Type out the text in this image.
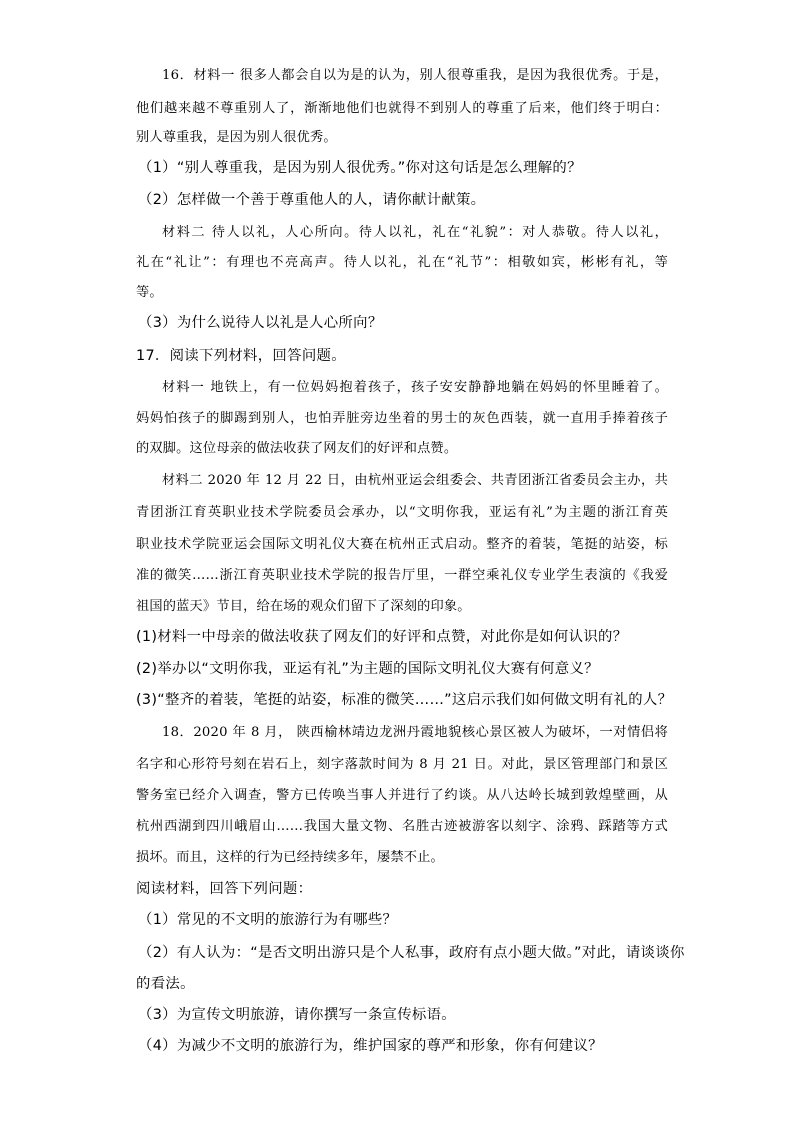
16．材料一 很多人都会自以为是的认为，别人很尊重我，是因为我很优秀。于是，
他们越来越不尊重别人了，渐渐地他们也就得不到别人的尊重了后来，他们终于明白：
别人尊重我，是因为别人很优秀。
（1）“别人尊重我，是因为别人很优秀。”你对这句话是怎么理解的？
（2）怎样做一个善于尊重他人的人，请你献计献策。
材料二 待人以礼，人心所向。待人以礼，礼在“礼貌”：对人恭敬。待人以礼，
礼在“礼让”：有理也不亮高声。待人以礼，礼在“礼节”：相敬如宾，彬彬有礼，等
等。
（3）为什么说待人以礼是人心所向？
17．阅读下列材料，回答问题。
材料一 地铁上，有一位妈妈抱着孩子，孩子安安静静地躺在妈妈的怀里睡着了。
妈妈怕孩子的脚踢到别人，也怕弄脏旁边坐着的男士的灰色西装，就一直用手捧着孩子
的双脚。这位母亲的做法收获了网友们的好评和点赞。
材料二 2020 年 12 月 22 日，由杭州亚运会组委会、共青团浙江省委员会主办，共
青团浙江育英职业技术学院委员会承办，以“文明你我，亚运有礼”为主题的浙江育英
职业技术学院亚运会国际文明礼仪大赛在杭州正式启动。整齐的着装，笔挺的站姿，标
准的微笑……浙江育英职业技术学院的报告厅里，一群空乘礼仪专业学生表演的《我爱
祖国的蓝天》节目，给在场的观众们留下了深刻的印象。
(1)材料一中母亲的做法收获了网友们的好评和点赞，对此你是如何认识的？
(2)举办以“文明你我，亚运有礼”为主题的国际文明礼仪大赛有何意义？
(3)“整齐的着装，笔挺的站姿，标准的微笑……”这启示我们如何做文明有礼的人？
18．2020 年 8 月， 陕西榆林靖边龙洲丹霞地貌核心景区被人为破坏，一对情侣将
名字和心形符号刻在岩石上，刻字落款时间为 8 月 21 日。对此，景区管理部门和景区
警务室已经介入调查，警方已传唤当事人并进行了约谈。从八达岭长城到敦煌壁画，从
杭州西湖到四川峨眉山……我国大量文物、名胜古迹被游客以刻字、涂鸦、踩踏等方式
损坏。而且，这样的行为已经持续多年，屡禁不止。
阅读材料，回答下列问题：
（1）常见的不文明的旅游行为有哪些？
（2）有人认为：“是否文明出游只是个人私事，政府有点小题大做。”对此，请谈谈你
的看法。
（3）为宣传文明旅游，请你撰写一条宣传标语。
（4）为减少不文明的旅游行为，维护国家的尊严和形象，你有何建议？
